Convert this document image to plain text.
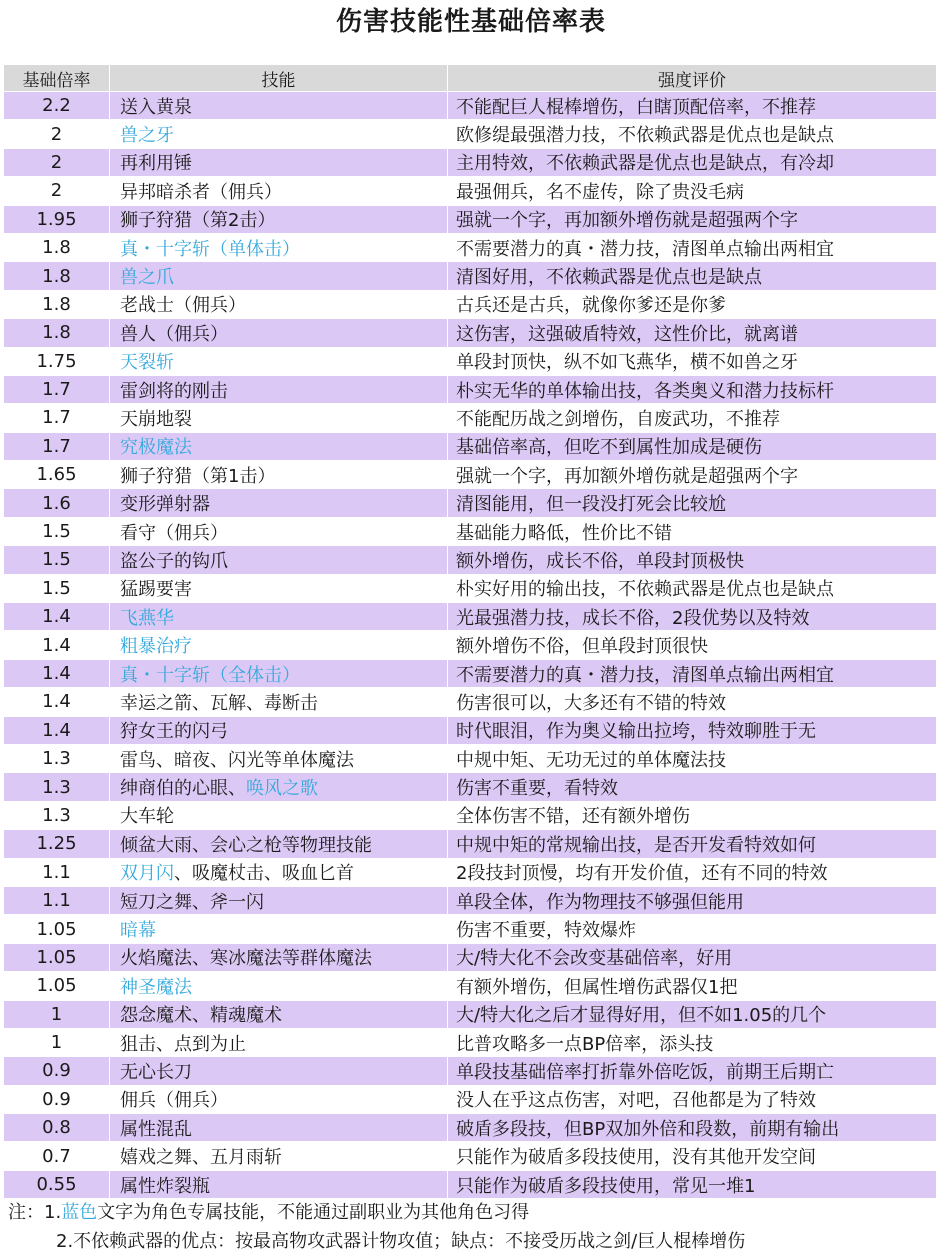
伤害技能性基础倍率表
基础倍率	技能	强度评价
2.2	送入黄泉	不能配巨人棍棒增伤，白瞎顶配倍率，不推荐
2	兽之牙	欧修缇最强潜力技，不依赖武器是优点也是缺点
2	再利用锤	主用特效，不依赖武器是优点也是缺点，有冷却
2	异邦暗杀者（佣兵）	最强佣兵，名不虚传，除了贵没毛病
1.95	狮子狩猎（第2击）	强就一个字，再加额外增伤就是超强两个字
1.8	真・十字斩（单体击）	不需要潜力的真・潜力技，清图单点输出两相宜
1.8	兽之爪	清图好用，不依赖武器是优点也是缺点
1.8	老战士（佣兵）	古兵还是古兵，就像你爹还是你爹
1.8	兽人（佣兵）	这伤害，这强破盾特效，这性价比，就离谱
1.75	天裂斩	单段封顶快，纵不如飞燕华，横不如兽之牙
1.7	雷剑将的刚击	朴实无华的单体输出技，各类奥义和潜力技标杆
1.7	天崩地裂	不能配历战之剑增伤，自废武功，不推荐
1.7	究极魔法	基础倍率高，但吃不到属性加成是硬伤
1.65	狮子狩猎（第1击）	强就一个字，再加额外增伤就是超强两个字
1.6	变形弹射器	清图能用，但一段没打死会比较尬
1.5	看守（佣兵）	基础能力略低，性价比不错
1.5	盗公子的钩爪	额外增伤，成长不俗，单段封顶极快
1.5	猛踢要害	朴实好用的输出技，不依赖武器是优点也是缺点
1.4	飞燕华	光最强潜力技，成长不俗，2段优势以及特效
1.4	粗暴治疗	额外增伤不俗，但单段封顶很快
1.4	真・十字斩（全体击）	不需要潜力的真・潜力技，清图单点输出两相宜
1.4	幸运之箭、瓦解、毒断击	伤害很可以，大多还有不错的特效
1.4	狩女王的闪弓	时代眼泪，作为奥义输出拉垮，特效聊胜于无
1.3	雷鸟、暗夜、闪光等单体魔法	中规中矩、无功无过的单体魔法技
1.3	绅商伯的心眼、 唤风之歌	伤害不重要，看特效
1.3	大车轮	全体伤害不错，还有额外增伤
1.25	倾盆大雨、会心之枪等物理技能	中规中矩的常规输出技，是否开发看特效如何
1.1	双月闪 、吸魔杖击、吸血匕首	2段技封顶慢，均有开发价值，还有不同的特效
1.1	短刀之舞、斧一闪	单段全体，作为物理技不够强但能用
1.05	暗幕	伤害不重要，特效爆炸
1.05	火焰魔法、寒冰魔法等群体魔法	大/特大化不会改变基础倍率，好用
1.05	神圣魔法	有额外增伤，但属性增伤武器仅1把
1	怨念魔术、精魂魔术	大/特大化之后才显得好用，但不如1.05的几个
1	狙击、点到为止	比普攻略多一点BP倍率，添头技
0.9	无心长刀	单段技基础倍率打折靠外倍吃饭，前期王后期亡
0.9	佣兵（佣兵）	没人在乎这点伤害，对吧，召他都是为了特效
0.8	属性混乱	破盾多段技，但BP双加外倍和段数，前期有输出
0.7	嬉戏之舞、五月雨斩	只能作为破盾多段技使用，没有其他开发空间
0.55	属性炸裂瓶	只能作为破盾多段技使用，常见一堆1
注：1.蓝色文字为角色专属技能，不能通过副职业为其他角色习得
2.不依赖武器的优点：按最高物攻武器计物攻值；缺点：不接受历战之剑/巨人棍棒增伤
